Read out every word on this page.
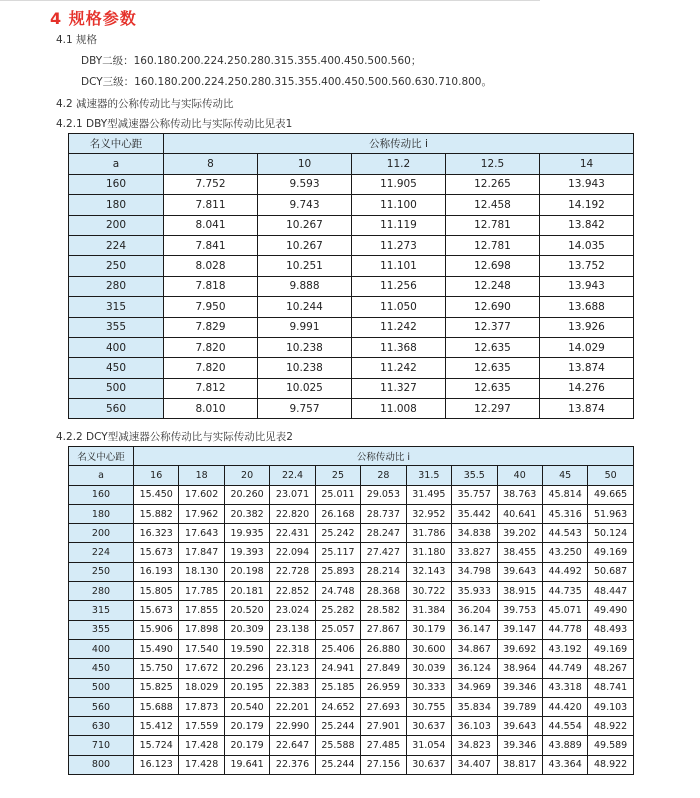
4 规格参数
4.1 规格
DBY二级：160.180.200.224.250.280.315.355.400.450.500.560；
DCY三级：160.180.200.224.250.280.315.355.400.450.500.560.630.710.800。
4.2 减速器的公称传动比与实际传动比
4.2.1 DBY型减速器公称传动比与实际传动比见表1
名义中心距	公称传动比 i				
a	8	10	11.2	12.5	14
160	7.752	9.593	11.905	12.265	13.943
180	7.811	9.743	11.100	12.458	14.192
200	8.041	10.267	11.119	12.781	13.842
224	7.841	10.267	11.273	12.781	14.035
250	8.028	10.251	11.101	12.698	13.752
280	7.818	9.888	11.256	12.248	13.943
315	7.950	10.244	11.050	12.690	13.688
355	7.829	9.991	11.242	12.377	13.926
400	7.820	10.238	11.368	12.635	14.029
450	7.820	10.238	11.242	12.635	13.874
500	7.812	10.025	11.327	12.635	14.276
560	8.010	9.757	11.008	12.297	13.874
4.2.2 DCY型减速器公称传动比与实际传动比见表2
名义中心距	公称传动比 i										
a	16	18	20	22.4	25	28	31.5	35.5	40	45	50
160	15.450	17.602	20.260	23.071	25.011	29.053	31.495	35.757	38.763	45.814	49.665
180	15.882	17.962	20.382	22.820	26.168	28.737	32.952	35.442	40.641	45.316	51.963
200	16.323	17.643	19.935	22.431	25.242	28.247	31.786	34.838	39.202	44.543	50.124
224	15.673	17.847	19.393	22.094	25.117	27.427	31.180	33.827	38.455	43.250	49.169
250	16.193	18.130	20.198	22.728	25.893	28.214	32.143	34.798	39.643	44.492	50.687
280	15.805	17.785	20.181	22.852	24.748	28.368	30.722	35.933	38.915	44.735	48.447
315	15.673	17.855	20.520	23.024	25.282	28.582	31.384	36.204	39.753	45.071	49.490
355	15.906	17.898	20.309	23.138	25.057	27.867	30.179	36.147	39.147	44.778	48.493
400	15.490	17.540	19.590	22.318	25.406	26.880	30.600	34.867	39.692	43.192	49.169
450	15.750	17.672	20.296	23.123	24.941	27.849	30.039	36.124	38.964	44.749	48.267
500	15.825	18.029	20.195	22.383	25.185	26.959	30.333	34.969	39.346	43.318	48.741
560	15.688	17.873	20.540	22.201	24.652	27.693	30.755	35.834	39.789	44.420	49.103
630	15.412	17.559	20.179	22.990	25.244	27.901	30.637	36.103	39.643	44.554	48.922
710	15.724	17.428	20.179	22.647	25.588	27.485	31.054	34.823	39.346	43.889	49.589
800	16.123	17.428	19.641	22.376	25.244	27.156	30.637	34.407	38.817	43.364	48.922
